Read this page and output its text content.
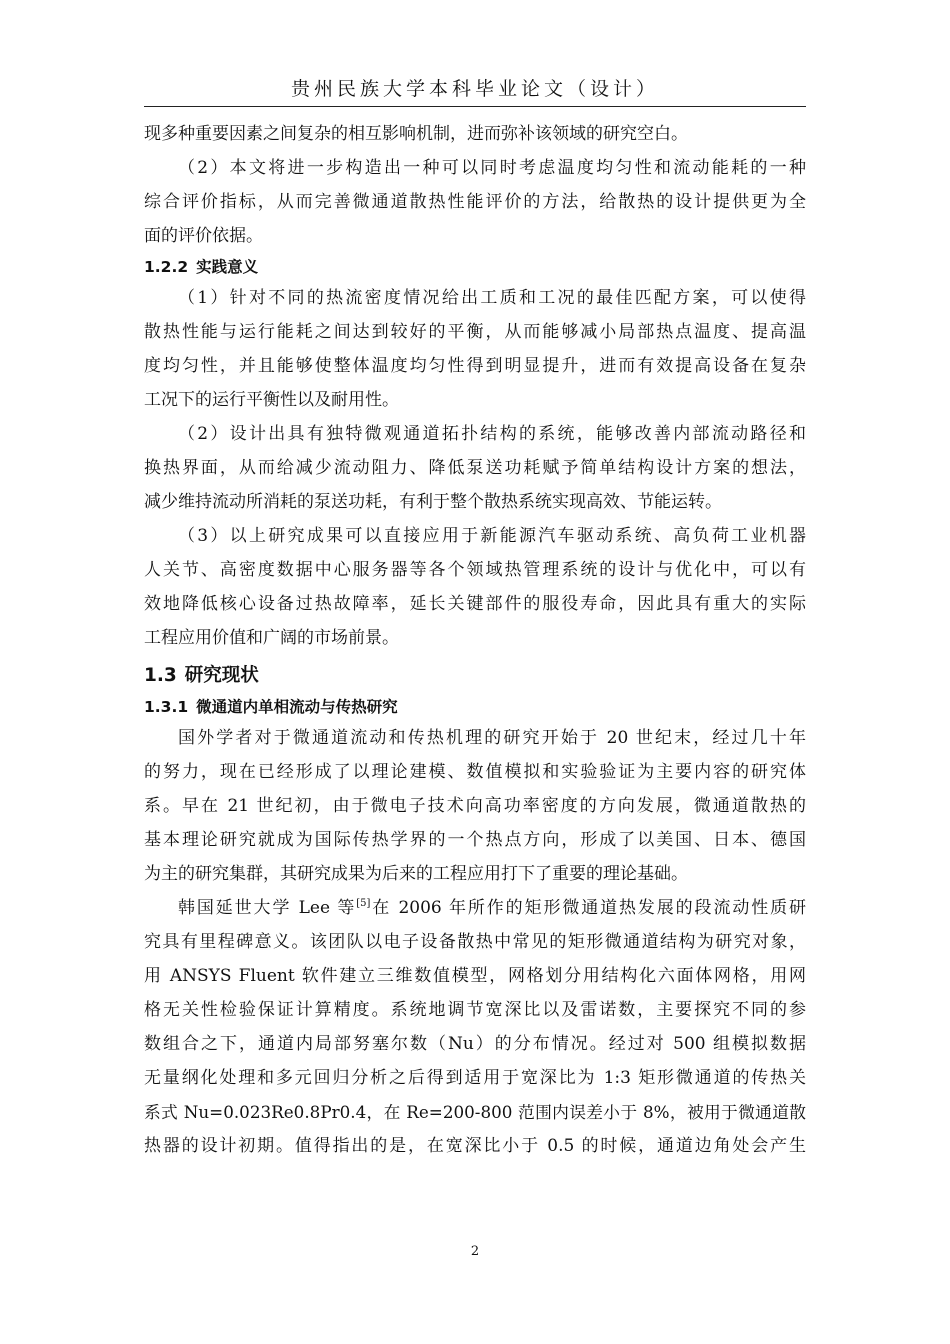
贵州民族大学本科毕业论文（设计）

现多种重要因素之间复杂的相互影响机制，进而弥补该领域的研究空白。

（2）本文将进一步构造出一种可以同时考虑温度均匀性和流动能耗的一种
综合评价指标，从而完善微通道散热性能评价的方法，给散热的设计提供更为全
面的评价依据。

1.2.2 实践意义

（1）针对不同的热流密度情况给出工质和工况的最佳匹配方案，可以使得
散热性能与运行能耗之间达到较好的平衡，从而能够减小局部热点温度、提高温
度均匀性，并且能够使整体温度均匀性得到明显提升，进而有效提高设备在复杂
工况下的运行平衡性以及耐用性。

（2）设计出具有独特微观通道拓扑结构的系统，能够改善内部流动路径和
换热界面，从而给减少流动阻力、降低泵送功耗赋予简单结构设计方案的想法，
减少维持流动所消耗的泵送功耗，有利于整个散热系统实现高效、节能运转。

（3）以上研究成果可以直接应用于新能源汽车驱动系统、高负荷工业机器
人关节、高密度数据中心服务器等各个领域热管理系统的设计与优化中，可以有
效地降低核心设备过热故障率，延长关键部件的服役寿命，因此具有重大的实际
工程应用价值和广阔的市场前景。

1.3 研究现状
1.3.1 微通道内单相流动与传热研究

国外学者对于微通道流动和传热机理的研究开始于 20 世纪末，经过几十年
的努力，现在已经形成了以理论建模、数值模拟和实验验证为主要内容的研究体
系。早在 21 世纪初，由于微电子技术向高功率密度的方向发展，微通道散热的
基本理论研究就成为国际传热学界的一个热点方向，形成了以美国、日本、德国
为主的研究集群，其研究成果为后来的工程应用打下了重要的理论基础。

韩国延世大学 Lee 等[5]在 2006 年所作的矩形微通道热发展的段流动性质研
究具有里程碑意义。该团队以电子设备散热中常见的矩形微通道结构为研究对象，
用 ANSYS Fluent 软件建立三维数值模型，网格划分用结构化六面体网格，用网
格无关性检验保证计算精度。系统地调节宽深比以及雷诺数，主要探究不同的参
数组合之下，通道内局部努塞尔数（Nu）的分布情况。经过对 500 组模拟数据
无量纲化处理和多元回归分析之后得到适用于宽深比为 1:3 矩形微通道的传热关
系式 Nu=0.023Re0.8Pr0.4，在 Re=200-800 范围内误差小于 8%，被用于微通道散
热器的设计初期。值得指出的是，在宽深比小于 0.5 的时候，通道边角处会产生

2
